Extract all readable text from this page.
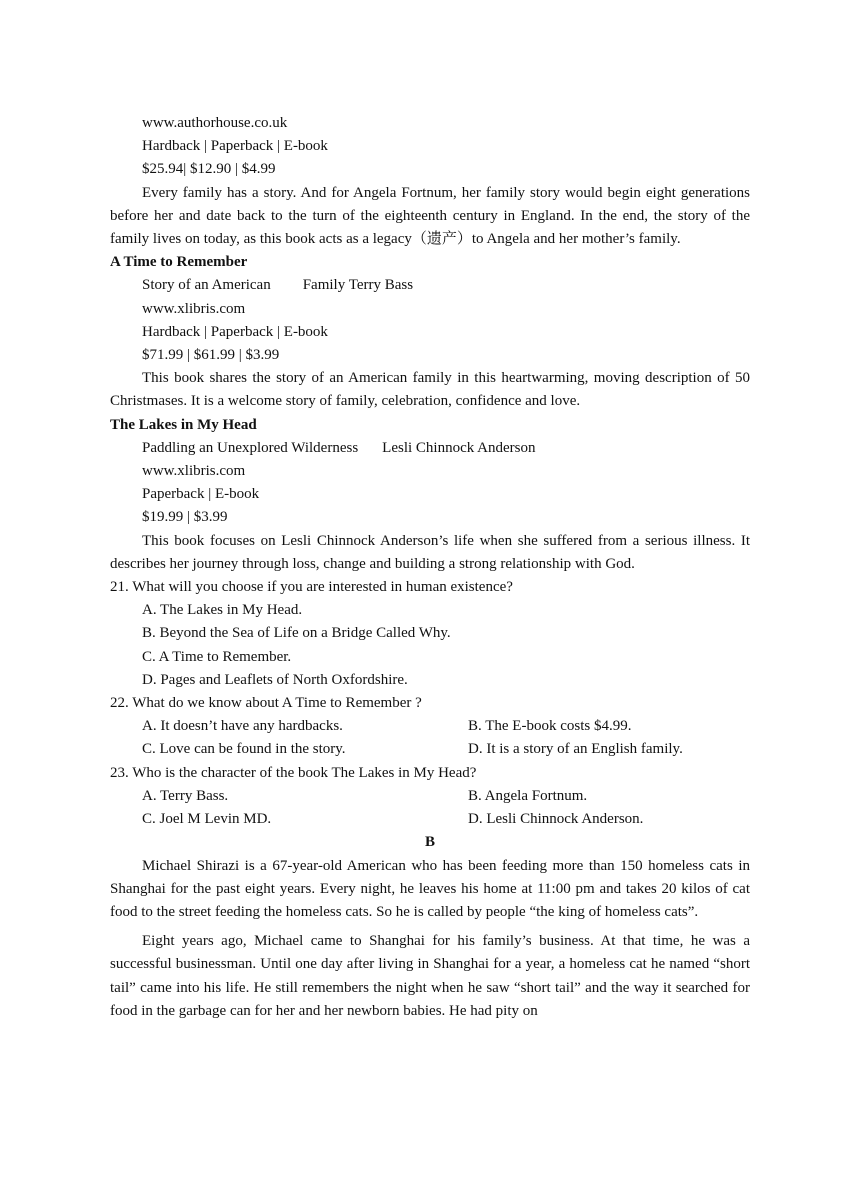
www.authorhouse.co.uk
Hardback | Paperback | E-book
$25.94| $12.90 | $4.99
Every family has a story. And for Angela Fortnum, her family story would begin eight generations before her and date back to the turn of the eighteenth century in England. In the end, the story of the family lives on today, as this book acts as a legacy（遗产）to Angela and her mother’s family.
A Time to Remember
Story of an American Family Terry Bass
www.xlibris.com
Hardback | Paperback | E-book
$71.99 | $61.99 | $3.99
This book shares the story of an American family in this heartwarming, moving description of 50 Christmases. It is a welcome story of family, celebration, confidence and love.
The Lakes in My Head
Paddling an Unexplored Wilderness Lesli Chinnock Anderson
www.xlibris.com
Paperback | E-book
$19.99 | $3.99
This book focuses on Lesli Chinnock Anderson’s life when she suffered from a serious illness. It describes her journey through loss, change and building a strong relationship with God.
21. What will you choose if you are interested in human existence?
A. The Lakes in My Head.
B. Beyond the Sea of Life on a Bridge Called Why.
C. A Time to Remember.
D. Pages and Leaflets of North Oxfordshire.
22. What do we know about A Time to Remember ?
A. It doesn’t have any hardbacks.	B. The E-book costs $4.99.
C. Love can be found in the story.	D. It is a story of an English family.
23. Who is the character of the book The Lakes in My Head?
A. Terry Bass.	B. Angela Fortnum.
C. Joel M Levin MD.	D. Lesli Chinnock Anderson.
B
Michael Shirazi is a 67-year-old American who has been feeding more than 150 homeless cats in Shanghai for the past eight years. Every night, he leaves his home at 11:00 pm and takes 20 kilos of cat food to the street feeding the homeless cats. So he is called by people “the king of homeless cats”.
Eight years ago, Michael came to Shanghai for his family’s business. At that time, he was a successful businessman. Until one day after living in Shanghai for a year, a homeless cat he named “short tail” came into his life. He still remembers the night when he saw “short tail” and the way it searched for food in the garbage can for her and her newborn babies. He had pity on
